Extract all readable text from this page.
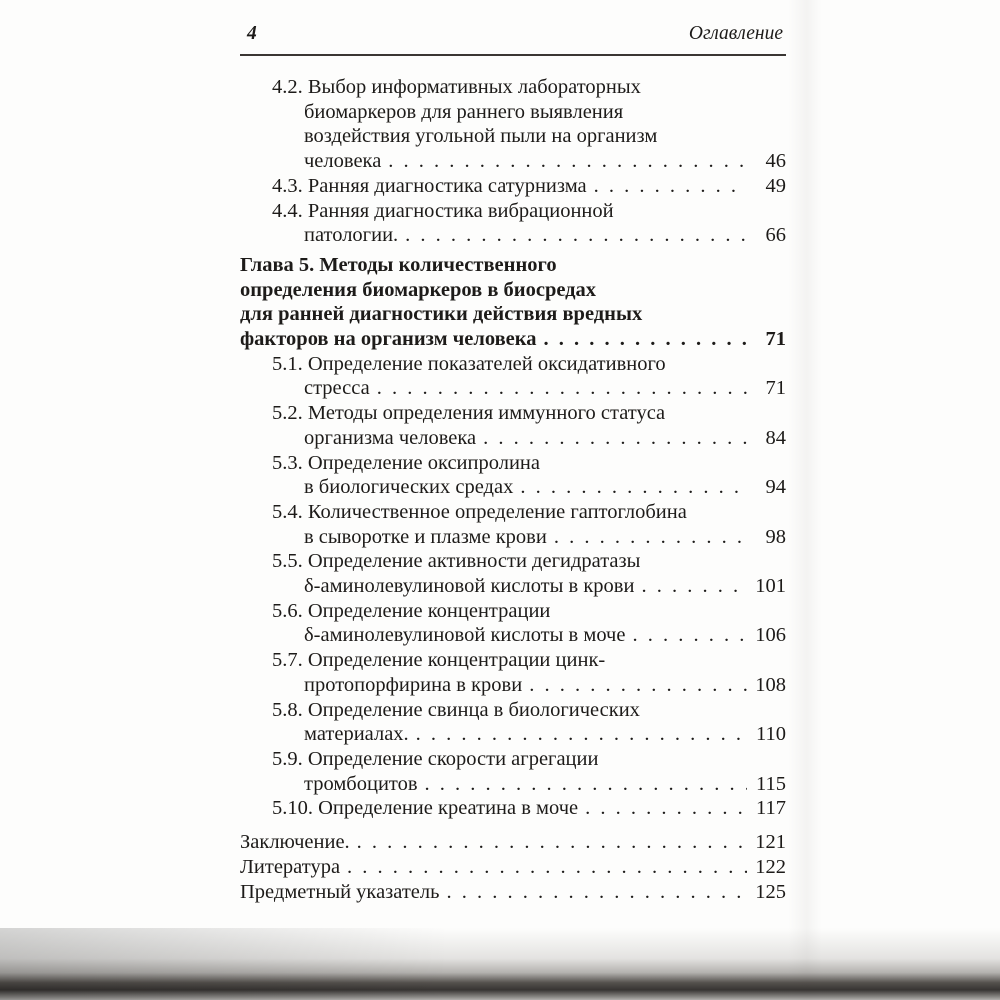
4	Оглавление
4.2. Выбор информативных лабораторных
биомаркеров для раннего выявления
воздействия угольной пыли на организм
человека . . .	46
4.3. Ранняя диагностика сатурнизма . . .	49
4.4. Ранняя диагностика вибрационной
патологии. . . .	66
Глава 5. Методы количественного
определения биомаркеров в биосредах
для ранней диагностики действия вредных
факторов на организм человека . . .	71
5.1. Определение показателей оксидативного
стресса . . .	71
5.2. Методы определения иммунного статуса
организма человека . . .	84
5.3. Определение оксипролина
в биологических средах . . .	94
5.4. Количественное определение гаптоглобина
в сыворотке и плазме крови . . .	98
5.5. Определение активности дегидратазы
δ-аминолевулиновой кислоты в крови . . .	101
5.6. Определение концентрации
δ-аминолевулиновой кислоты в моче . . .	106
5.7. Определение концентрации цинк-
протопорфирина в крови . . .	108
5.8. Определение свинца в биологических
материалах. . . .	110
5.9. Определение скорости агрегации
тромбоцитов . . .	115
5.10. Определение креатина в моче . . .	117
Заключение. . . .	121
Литература . . .	122
Предметный указатель . . .	125
